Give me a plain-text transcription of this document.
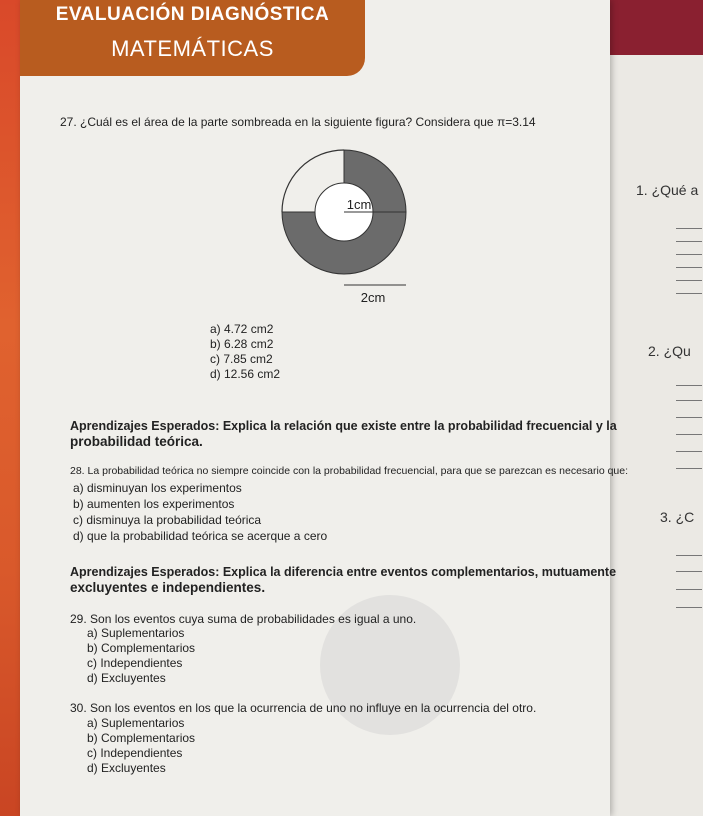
1. ¿Qué a
2. ¿Qu
3. ¿C
EVALUACIÓN DIAGNÓSTICA
MATEMÁTICAS
27. ¿Cuál es el área de la parte sombreada en la siguiente figura? Considera que π=3.14
1cm
2cm
a) 4.72 cm2
b) 6.28 cm2
c) 7.85 cm2
d) 12.56 cm2
Aprendizajes Esperados: Explica la relación que existe entre la probabilidad frecuencial y la
probabilidad teórica.
28. La probabilidad teórica no siempre coincide con la probabilidad frecuencial, para que se parezcan es necesario que:
a) disminuyan los experimentos
b) aumenten los experimentos
c) disminuya la probabilidad teórica
d) que la probabilidad teórica se acerque a cero
Aprendizajes Esperados: Explica la diferencia entre eventos complementarios, mutuamente
excluyentes e independientes.
29. Son los eventos cuya suma de probabilidades es igual a uno.
a) Suplementarios
b) Complementarios
c) Independientes
d) Excluyentes
30. Son los eventos en los que la ocurrencia de uno no influye en la ocurrencia del otro.
a) Suplementarios
b) Complementarios
c) Independientes
d) Excluyentes
